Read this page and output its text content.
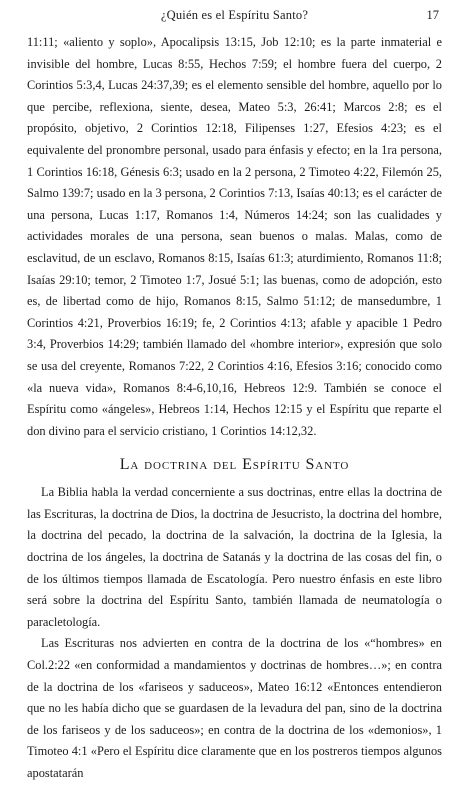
¿Quién es el Espíritu Santo?	17

11:11; «aliento y soplo», Apocalipsis 13:15, Job 12:10; es la parte inmaterial e invisible del hombre, Lucas 8:55, Hechos 7:59; el hombre fuera del cuerpo, 2 Corintios 5:3,4, Lucas 24:37,39; es el elemento sensible del hombre, aquello por lo que percibe, reflexiona, siente, desea, Mateo 5:3, 26:41; Marcos 2:8; es el propósito, objetivo, 2 Corintios 12:18, Filipenses 1:27, Efesios 4:23; es el equivalente del pronombre personal, usado para énfasis y efecto; en la 1ra persona, 1 Corintios 16:18, Génesis 6:3; usado en la 2 persona, 2 Timoteo 4:22, Filemón 25, Salmo 139:7; usado en la 3 persona, 2 Corintios 7:13, Isaías 40:13; es el carácter de una persona, Lucas 1:17, Romanos 1:4, Números 14:24; son las cualidades y actividades morales de una persona, sean buenos o malas. Malas, como de esclavitud, de un esclavo, Romanos 8:15, Isaías 61:3; aturdimiento, Romanos 11:8; Isaías 29:10; temor, 2 Timoteo 1:7, Josué 5:1; las buenas, como de adopción, esto es, de libertad como de hijo, Romanos 8:15, Salmo 51:12; de mansedumbre, 1 Corintios 4:21, Proverbios 16:19; fe, 2 Corintios 4:13; afable y apacible 1 Pedro 3:4, Proverbios 14:29; también llamado del «hombre interior», expresión que solo se usa del creyente, Romanos 7:22, 2 Corintios 4:16, Efesios 3:16; conocido como «la nueva vida», Romanos 8:4-6,10,16, Hebreos 12:9. También se conoce el Espíritu como «ángeles», Hebreos 1:14, Hechos 12:15 y el Espíritu que reparte el don divino para el servicio cristiano, 1 Corintios 14:12,32.

La doctrina del Espíritu Santo

La Biblia habla la verdad concerniente a sus doctrinas, entre ellas la doctrina de las Escrituras, la doctrina de Dios, la doctrina de Jesucristo, la doctrina del hombre, la doctrina del pecado, la doctrina de la salvación, la doctrina de la Iglesia, la doctrina de los ángeles, la doctrina de Satanás y la doctrina de las cosas del fin, o de los últimos tiempos llamada de Escatología. Pero nuestro énfasis en este libro será sobre la doctrina del Espíritu Santo, también llamada de neumatología o paracletología.

Las Escrituras nos advierten en contra de la doctrina de los «“hombres» en Col.2:22 «en conformidad a mandamientos y doctrinas de hombres…»; en contra de la doctrina de los «fariseos y saduceos», Mateo 16:12 «Entonces entendieron que no les había dicho que se guardasen de la levadura del pan, sino de la doctrina de los fariseos y de los saduceos»; en contra de la doctrina de los «demonios», 1 Timoteo 4:1 «Pero el Espíritu dice claramente que en los postreros tiempos algunos apostatarán
